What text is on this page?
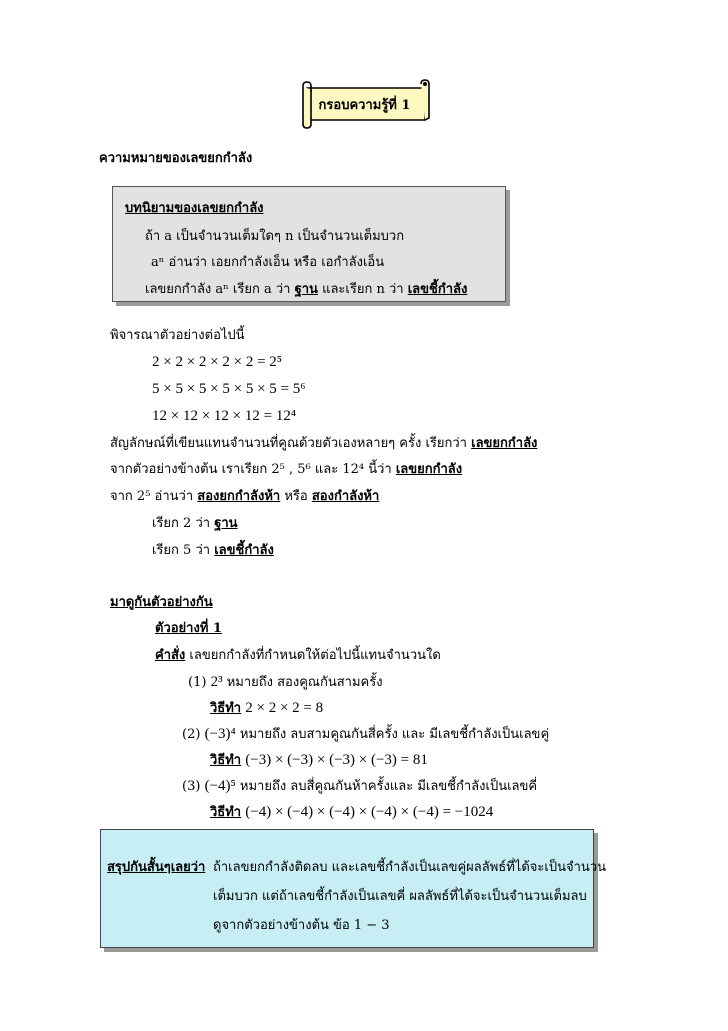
กรอบความรู้ที่ 1
ความหมายของเลขยกกำลัง
บทนิยามของเลขยกกำลัง
ถ้า a เป็นจำนวนเต็มใดๆ n เป็นจำนวนเต็มบวก
aⁿ อ่านว่า เอยกกำลังเอ็น หรือ เอกำลังเอ็น
เลขยกกำลัง aⁿ เรียก a ว่า ฐาน และเรียก n ว่า เลขชี้กำลัง
พิจารณาตัวอย่างต่อไปนี้
2 × 2 × 2 × 2 × 2 = 2⁵
5 × 5 × 5 × 5 × 5 × 5 = 5⁶
12 × 12 × 12 × 12 = 12⁴
สัญลักษณ์ที่เขียนแทนจำนวนที่คูณด้วยตัวเองหลายๆ ครั้ง เรียกว่า เลขยกกำลัง
จากตัวอย่างข้างต้น เราเรียก 2⁵ , 5⁶ และ 12⁴ นี้ว่า เลขยกกำลัง
จาก 2⁵ อ่านว่า สองยกกำลังห้า หรือ สองกำลังห้า
เรียก 2 ว่า ฐาน
เรียก 5 ว่า เลขชี้กำลัง
มาดูกันตัวอย่างกัน
ตัวอย่างที่ 1
คำสั่ง เลขยกกำลังที่กำหนดให้ต่อไปนี้แทนจำนวนใด
(1) 2³ หมายถึง สองคูณกันสามครั้ง
วิธีทำ 2 × 2 × 2 = 8
(2) (−3)⁴ หมายถึง ลบสามคูณกันสี่ครั้ง และ มีเลขชี้กำลังเป็นเลขคู่
วิธีทำ (−3) × (−3) × (−3) × (−3) = 81
(3) (−4)⁵ หมายถึง ลบสี่คูณกันห้าครั้งและ มีเลขชี้กำลังเป็นเลขคี่
วิธีทำ (−4) × (−4) × (−4) × (−4) × (−4) = −1024
สรุปกันสั้นๆเลยว่า ถ้าเลขยกกำลังติดลบ และเลขชี้กำลังเป็นเลขคู่ผลลัพธ์ที่ได้จะเป็นจำนวน
เต็มบวก แต่ถ้าเลขชี้กำลังเป็นเลขคี่ ผลลัพธ์ที่ได้จะเป็นจำนวนเต็มลบ
ดูจากตัวอย่างข้างต้น ข้อ 1 − 3
